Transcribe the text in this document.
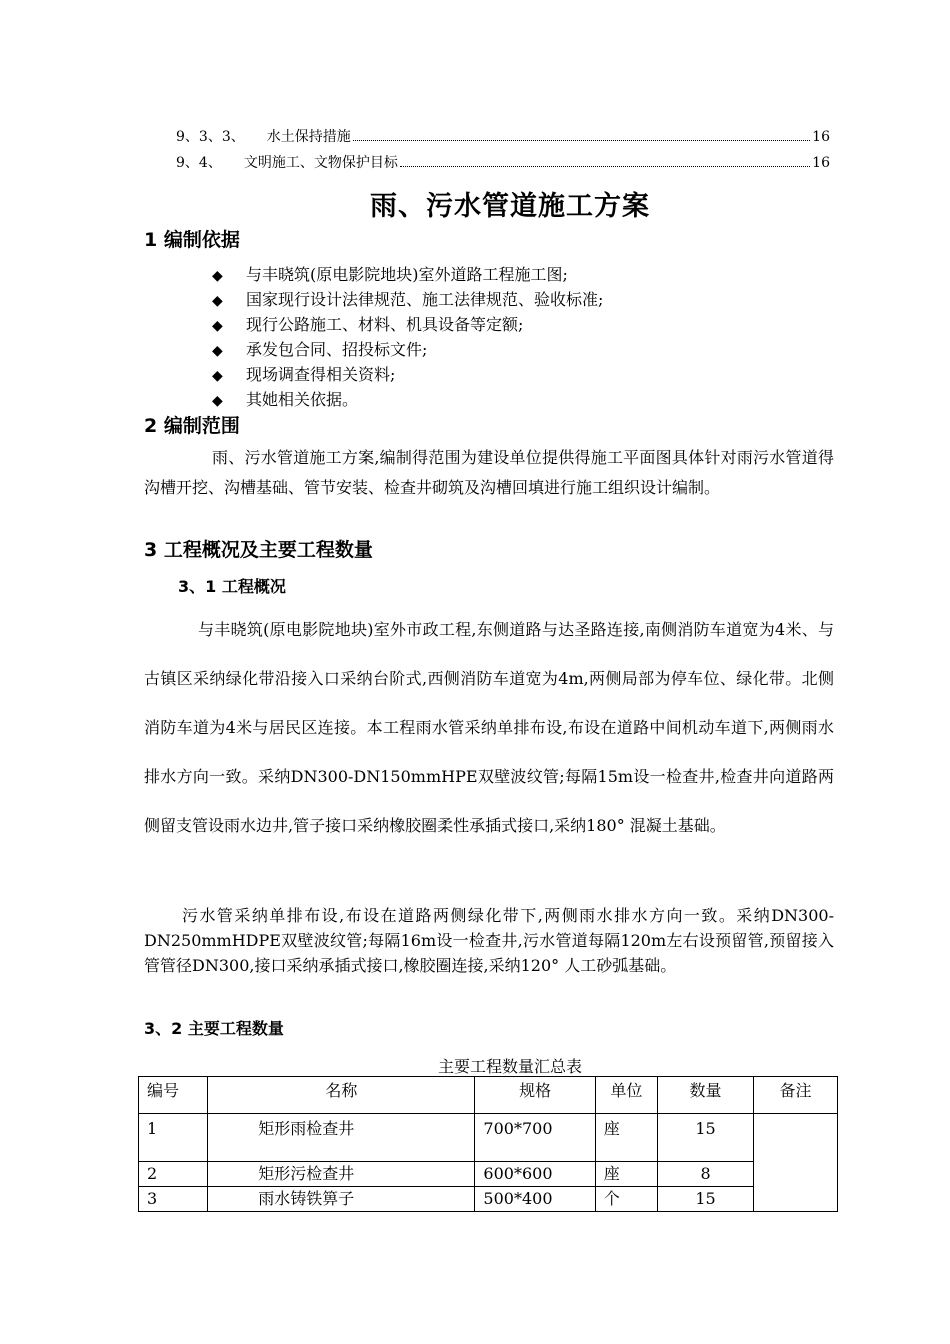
9、3、3、 水土保持措施	16
9、4、 文明施工、文物保护目标	16
雨、污水管道施工方案
1 编制依据
◆ 与丰晓筑(原电影院地块)室外道路工程施工图;
◆ 国家现行设计法律规范、施工法律规范、验收标准;
◆ 现行公路施工、材料、机具设备等定额;
◆ 承发包合同、招投标文件;
◆ 现场调查得相关资料;
◆ 其她相关依据。
2 编制范围

雨、污水管道施工方案,编制得范围为建设单位提供得施工平面图具体针对雨污水管道得沟槽开挖、沟槽基础、管节安装、检查井砌筑及沟槽回填进行施工组织设计编制。

3 工程概况及主要工程数量
3、1 工程概况

与丰晓筑(原电影院地块)室外市政工程,东侧道路与达圣路连接,南侧消防车道宽为4米、与古镇区采纳绿化带沿接入口采纳台阶式,西侧消防车道宽为4m,两侧局部为停车位、绿化带。北侧消防车道为4米与居民区连接。本工程雨水管采纳单排布设,布设在道路中间机动车道下,两侧雨水排水方向一致。采纳DN300-DN150mmHPE双壁波纹管;每隔15m设一检查井,检查井向道路两侧留支管设雨水边井,管子接口采纳橡胶圈柔性承插式接口,采纳180° 混凝土基础。

污水管采纳单排布设,布设在道路两侧绿化带下,两侧雨水排水方向一致。采纳DN300-DN250mmHDPE双壁波纹管;每隔16m设一检查井,污水管道每隔120m左右设预留管,预留接入管管径DN300,接口采纳承插式接口,橡胶圈连接,采纳120° 人工砂弧基础。

3、2 主要工程数量
主要工程数量汇总表
编号	名称	规格	单位	数量	备注
1	矩形雨检查井	700*700	座	15	
2	矩形污检查井	600*600	座	8	
3	雨水铸铁箅子	500*400	个	15	
